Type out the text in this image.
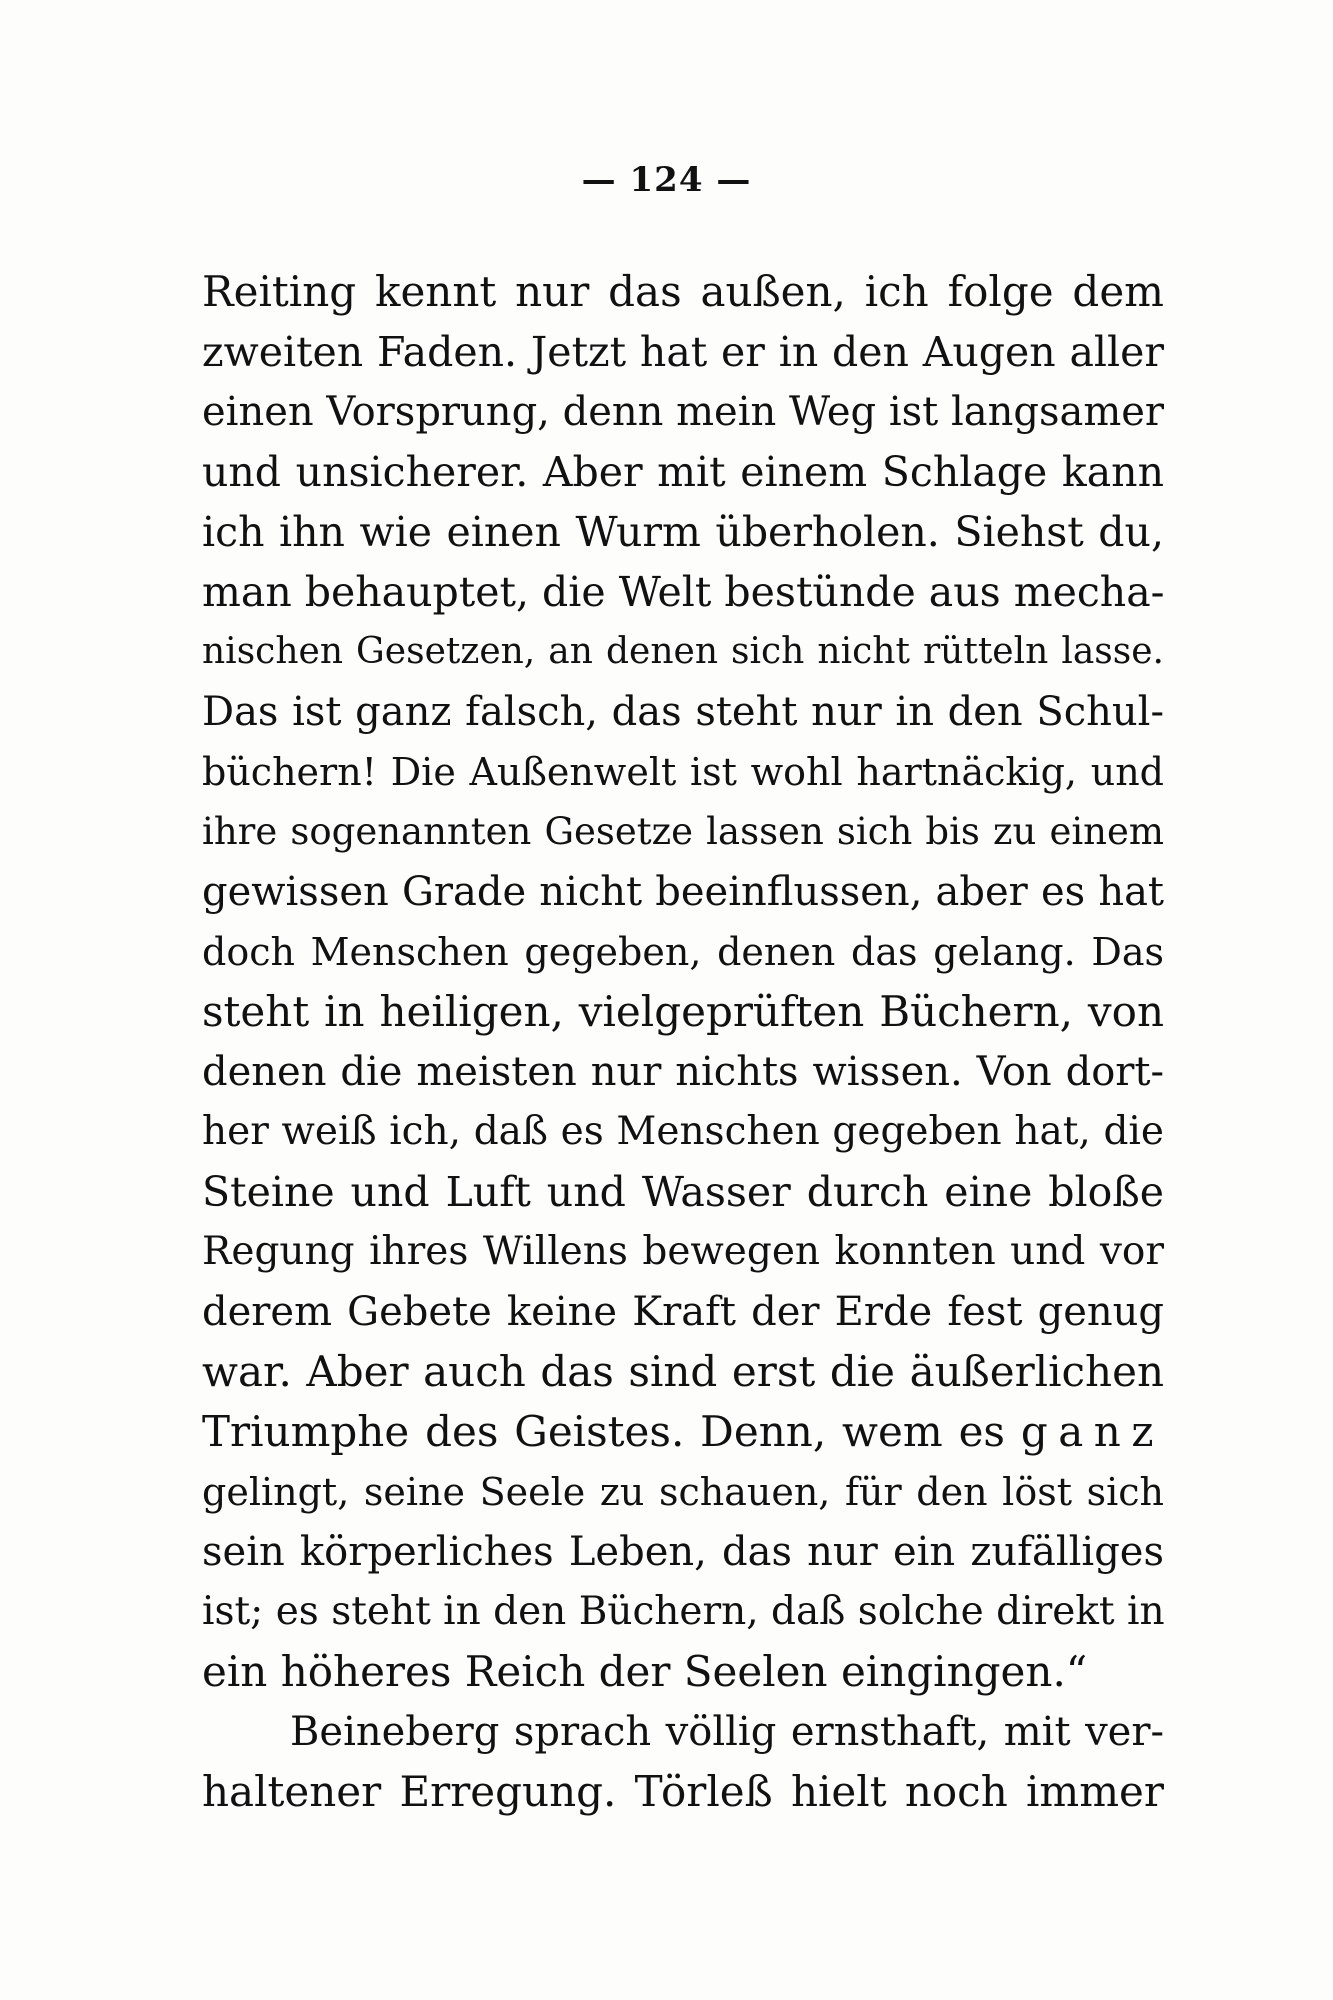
— 124 —
Reiting kennt nur das außen, ich folge dem
zweiten Faden. Jetzt hat er in den Augen aller
einen Vorsprung, denn mein Weg ist langsamer
und unsicherer. Aber mit einem Schlage kann
ich ihn wie einen Wurm überholen. Siehst du,
man behauptet, die Welt bestünde aus mecha-
nischen Gesetzen, an denen sich nicht rütteln lasse.
Das ist ganz falsch, das steht nur in den Schul-
büchern! Die Außenwelt ist wohl hartnäckig, und
ihre sogenannten Gesetze lassen sich bis zu einem
gewissen Grade nicht beeinflussen, aber es hat
doch Menschen gegeben, denen das gelang. Das
steht in heiligen, vielgeprüften Büchern, von
denen die meisten nur nichts wissen. Von dort-
her weiß ich, daß es Menschen gegeben hat, die
Steine und Luft und Wasser durch eine bloße
Regung ihres Willens bewegen konnten und vor
derem Gebete keine Kraft der Erde fest genug
war. Aber auch das sind erst die äußerlichen
Triumphe des Geistes. Denn, wem es ganz
gelingt, seine Seele zu schauen, für den löst sich
sein körperliches Leben, das nur ein zufälliges
ist; es steht in den Büchern, daß solche direkt in
ein höheres Reich der Seelen eingingen.“
Beineberg sprach völlig ernsthaft, mit ver-
haltener Erregung. Törleß hielt noch immer
